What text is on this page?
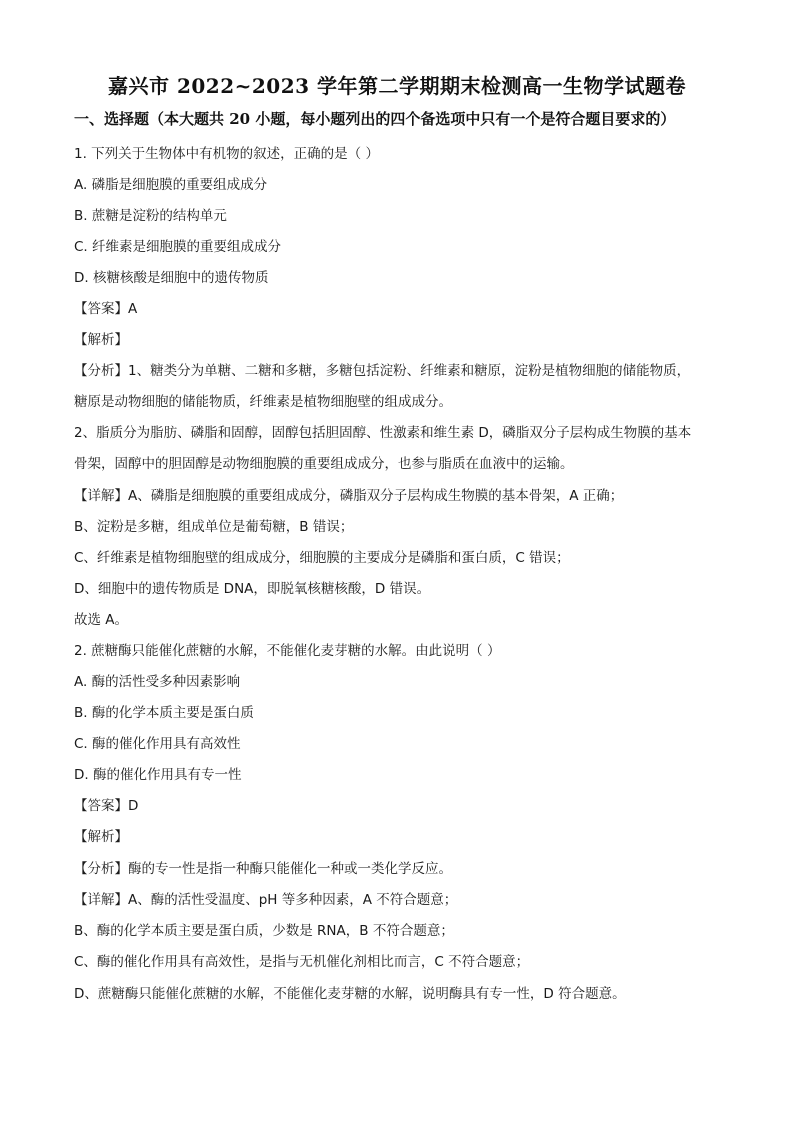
嘉兴市 2022~2023 学年第二学期期末检测高一生物学试题卷
一、选择题（本大题共 20 小题，每小题列出的四个备选项中只有一个是符合题目要求的）
1. 下列关于生物体中有机物的叙述，正确的是（ ）
A. 磷脂是细胞膜的重要组成成分
B. 蔗糖是淀粉的结构单元
C. 纤维素是细胞膜的重要组成成分
D. 核糖核酸是细胞中的遗传物质
【答案】A
【解析】
【分析】1、糖类分为单糖、二糖和多糖，多糖包括淀粉、纤维素和糖原，淀粉是植物细胞的储能物质，
糖原是动物细胞的储能物质，纤维素是植物细胞壁的组成成分。
2、脂质分为脂肪、磷脂和固醇，固醇包括胆固醇、性激素和维生素 D，磷脂双分子层构成生物膜的基本
骨架，固醇中的胆固醇是动物细胞膜的重要组成成分，也参与脂质在血液中的运输。
【详解】A、磷脂是细胞膜的重要组成成分，磷脂双分子层构成生物膜的基本骨架，A 正确；
B、淀粉是多糖，组成单位是葡萄糖，B 错误；
C、纤维素是植物细胞壁的组成成分，细胞膜的主要成分是磷脂和蛋白质，C 错误；
D、细胞中的遗传物质是 DNA，即脱氧核糖核酸，D 错误。
故选 A。
2. 蔗糖酶只能催化蔗糖的水解，不能催化麦芽糖的水解。由此说明（ ）
A. 酶的活性受多种因素影响
B. 酶的化学本质主要是蛋白质
C. 酶的催化作用具有高效性
D. 酶的催化作用具有专一性
【答案】D
【解析】
【分析】酶的专一性是指一种酶只能催化一种或一类化学反应。
【详解】A、酶的活性受温度、pH 等多种因素，A 不符合题意；
B、酶的化学本质主要是蛋白质，少数是 RNA，B 不符合题意；
C、酶的催化作用具有高效性，是指与无机催化剂相比而言，C 不符合题意；
D、蔗糖酶只能催化蔗糖的水解，不能催化麦芽糖的水解，说明酶具有专一性，D 符合题意。
